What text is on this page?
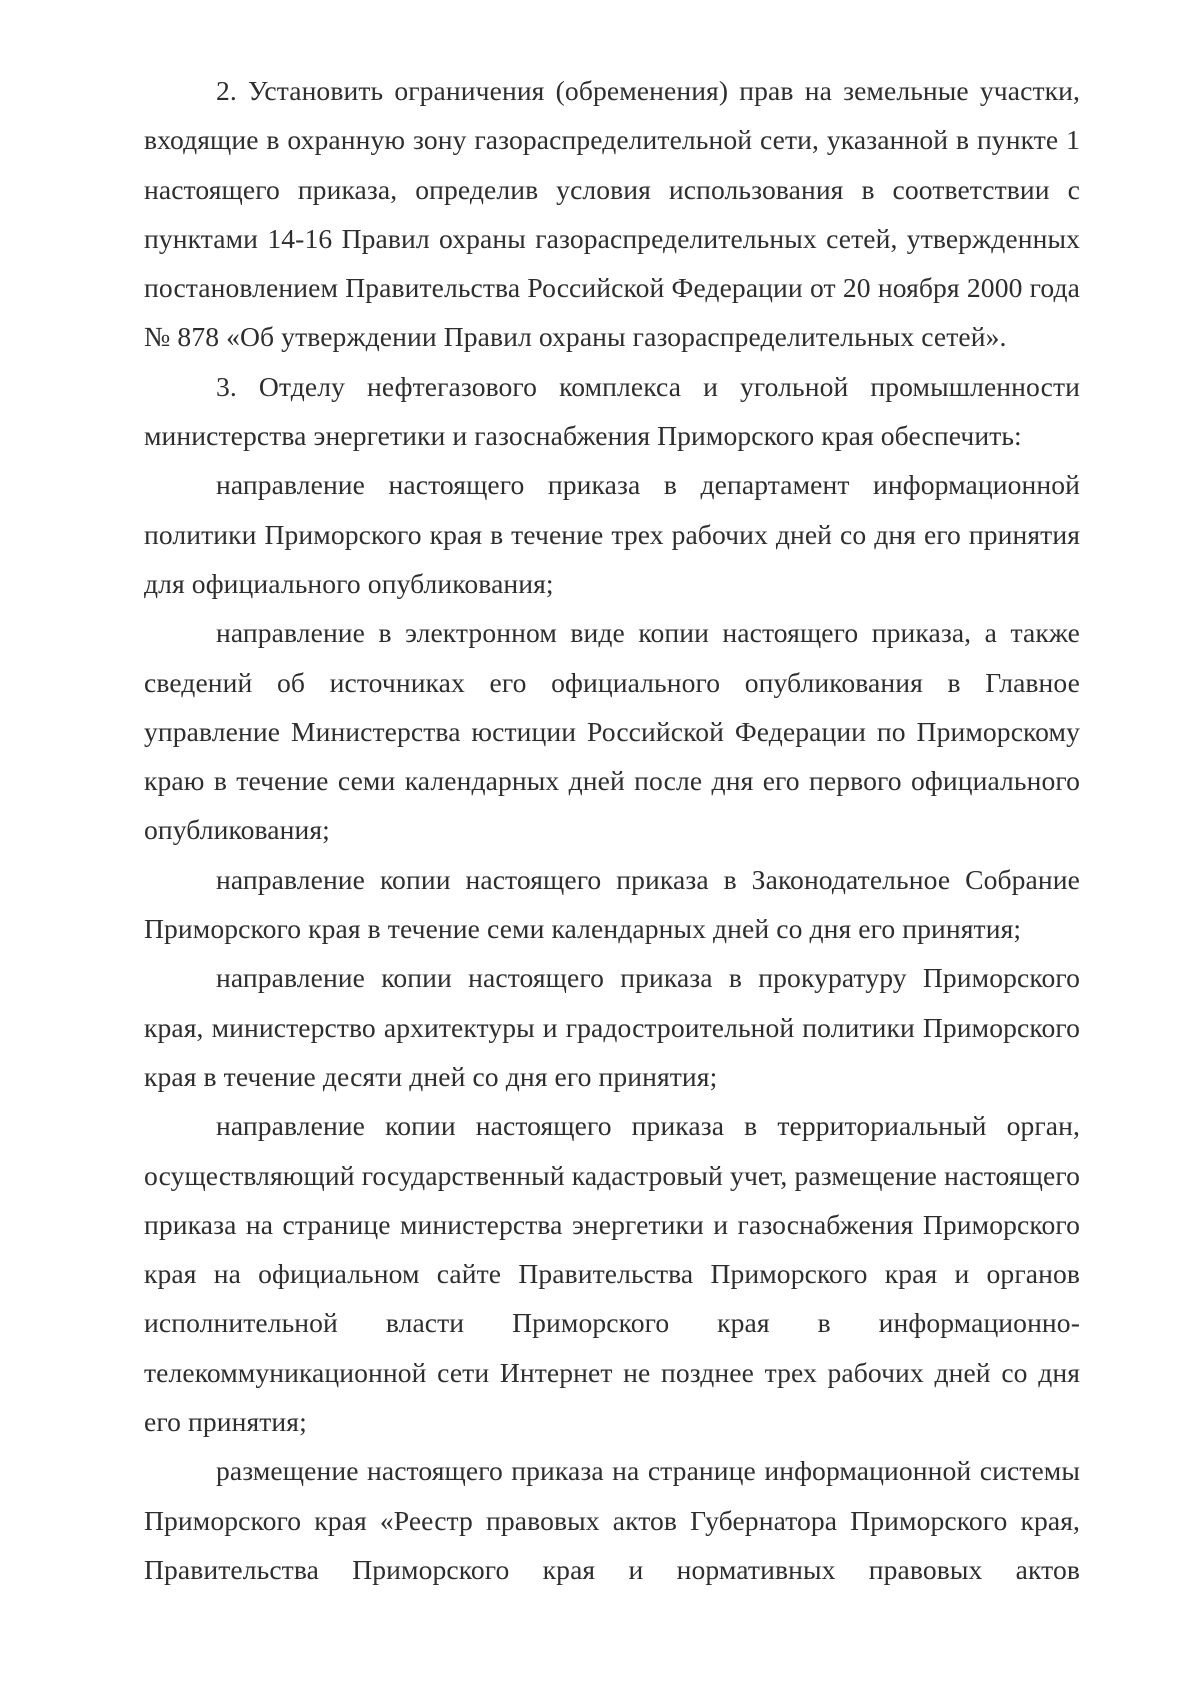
2. Установить ограничения (обременения) прав на земельные участки, входящие в охранную зону газораспределительной сети, указанной в пункте 1 настоящего приказа, определив условия использования в соответствии с пунктами 14-16 Правил охраны газораспределительных сетей, утвержденных постановлением Правительства Российской Федерации от 20 ноября 2000 года № 878 «Об утверждении Правил охраны газораспределительных сетей».

3. Отделу нефтегазового комплекса и угольной промышленности министерства энергетики и газоснабжения Приморского края обеспечить:

направление настоящего приказа в департамент информационной политики Приморского края в течение трех рабочих дней со дня его принятия для официального опубликования;

направление в электронном виде копии настоящего приказа, а также сведений об источниках его официального опубликования в Главное управление Министерства юстиции Российской Федерации по Приморскому краю в течение семи календарных дней после дня его первого официального опубликования;

направление копии настоящего приказа в Законодательное Собрание Приморского края в течение семи календарных дней со дня его принятия;

направление копии настоящего приказа в прокуратуру Приморского края, министерство архитектуры и градостроительной политики Приморского края в течение десяти дней со дня его принятия;

направление копии настоящего приказа в территориальный орган, осуществляющий государственный кадастровый учет, размещение настоящего приказа на странице министерства энергетики и газоснабжения Приморского края на официальном сайте Правительства Приморского края и органов исполнительной власти Приморского края в информационно-телекоммуникационной сети Интернет не позднее трех рабочих дней со дня его принятия;

размещение настоящего приказа на странице информационной системы Приморского края «Реестр правовых актов Губернатора Приморского края, Правительства Приморского края и нормативных правовых актов
